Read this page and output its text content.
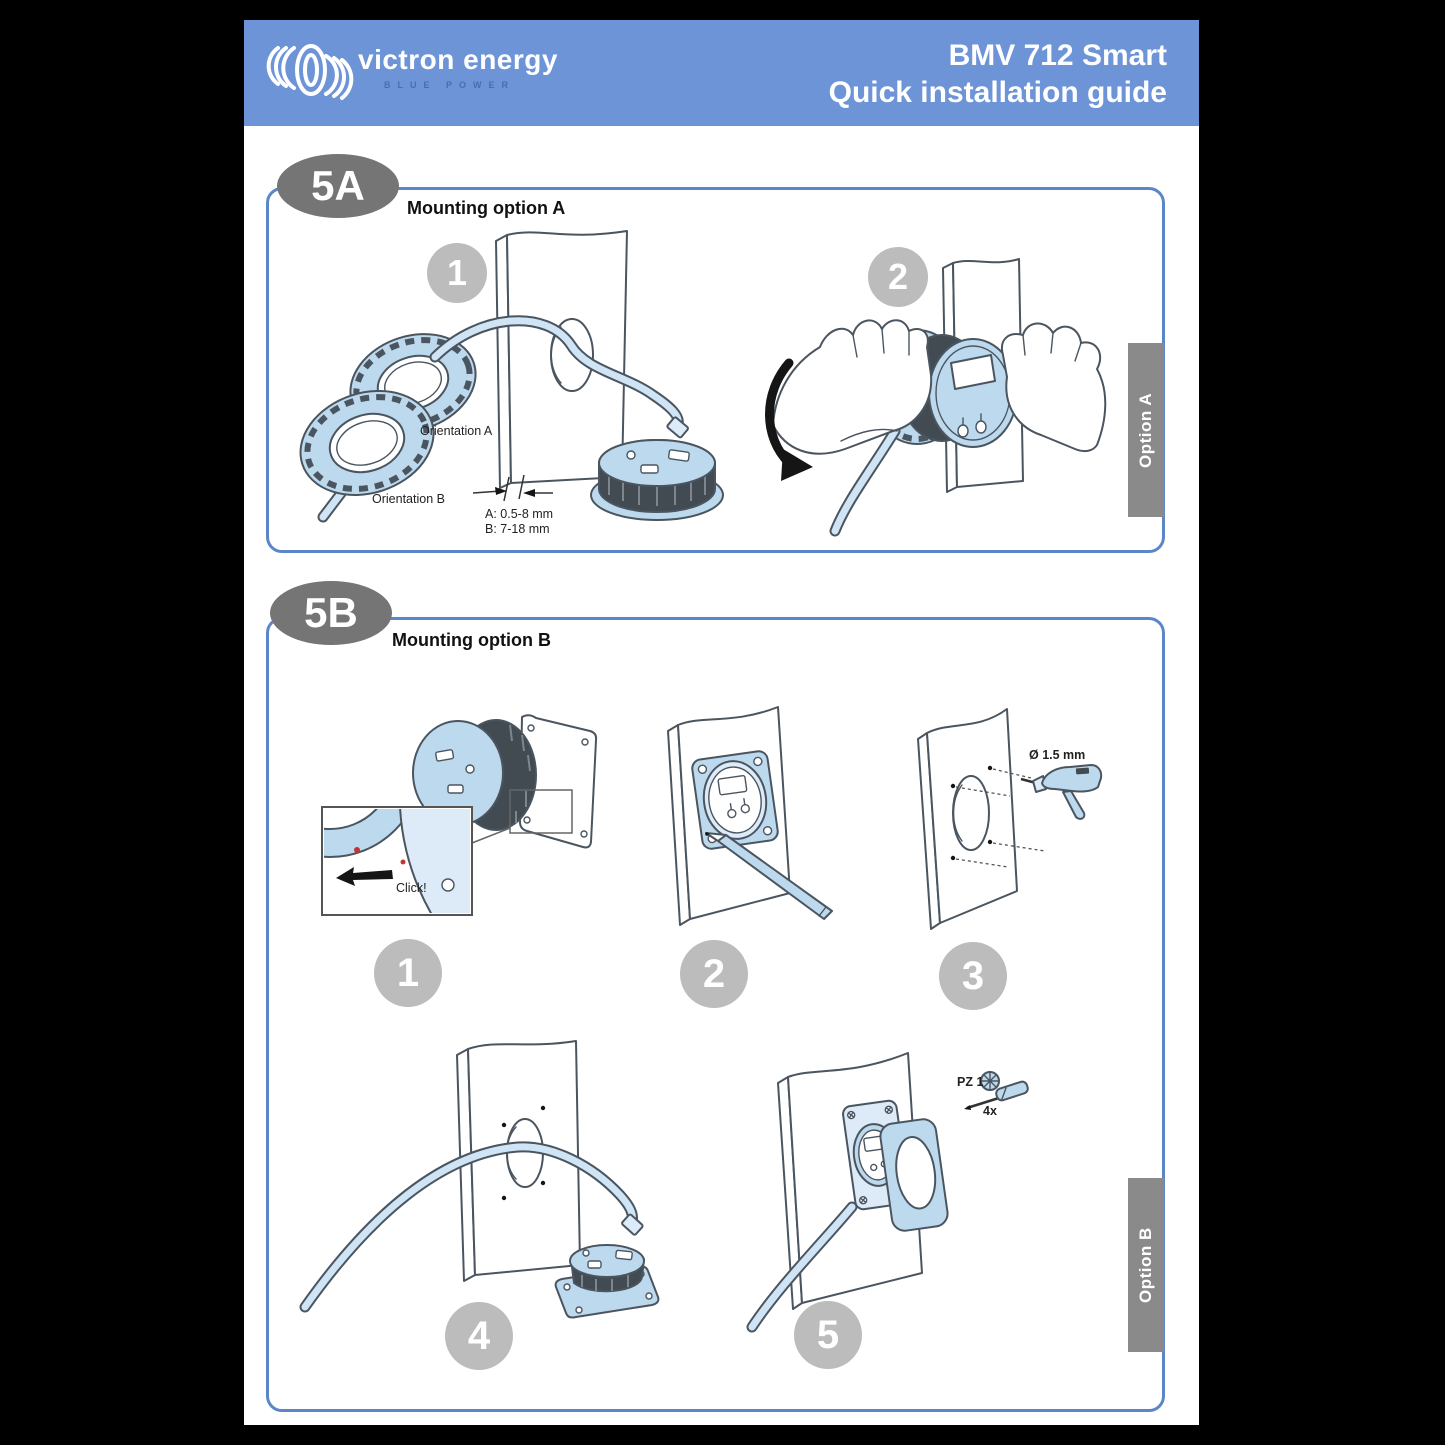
victron energy
BLUE POWER
BMV 712 Smart
Quick installation guide
5A	Mounting option A
Option A
1	2
Orientation A
Orientation B
A: 0.5-8 mm
B: 7-18 mm
5B
Mounting option B
Option B
1	2	3
4	5
Click!
Ø 1.5 mm
PZ 1
4x
